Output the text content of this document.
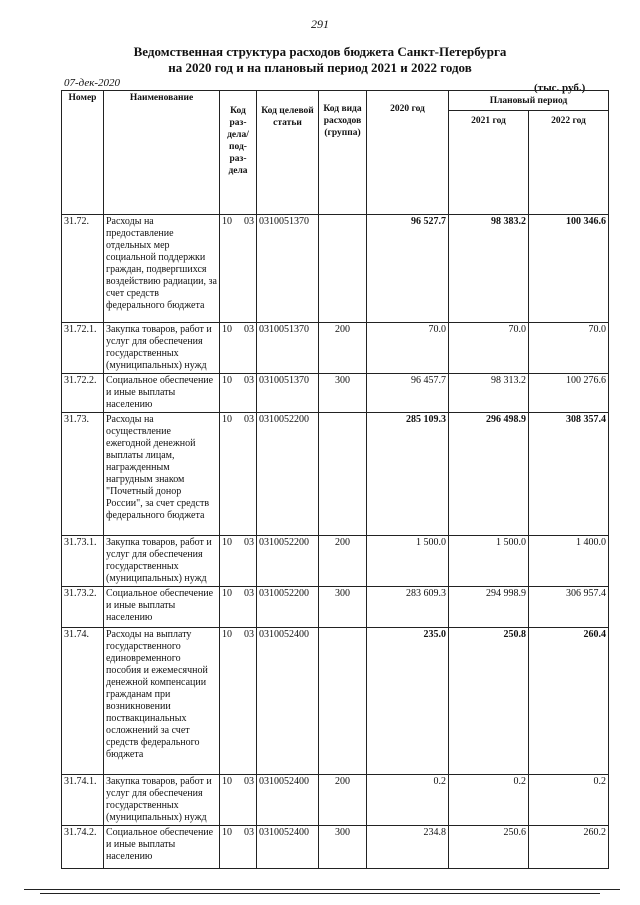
291
Ведомственная структура расходов бюджета Санкт-Петербурга
на 2020 год и на плановый период 2021 и 2022 годов
07-дек-2020	(тыс. руб.)
Номер	Наименование	Код раз- дела/ под- раз- дела	Код целевой статьи	Код вида расходов (группа)	2020 год	Плановый период	
						2021 год	2022 год
31.72.	Расходы на предоставление отдельных мер социальной поддержки граждан, подвергшихся воздействию радиации, за счет средств федерального бюджета	10 03	0310051370		96 527.7	98 383.2	100 346.6
31.72.1.	Закупка товаров, работ и услуг для обеспечения государственных (муниципальных) нужд	10 03	0310051370	200	70.0	70.0	70.0
31.72.2.	Социальное обеспечение и иные выплаты населению	10 03	0310051370	300	96 457.7	98 313.2	100 276.6
31.73.	Расходы на осуществление ежегодной денежной выплаты лицам, награжденным нагрудным знаком "Почетный донор России", за счет средств федерального бюджета	10 03	0310052200		285 109.3	296 498.9	308 357.4
31.73.1.	Закупка товаров, работ и услуг для обеспечения государственных (муниципальных) нужд	10 03	0310052200	200	1 500.0	1 500.0	1 400.0
31.73.2.	Социальное обеспечение и иные выплаты населению	10 03	0310052200	300	283 609.3	294 998.9	306 957.4
31.74.	Расходы на выплату государственного единовременного пособия и ежемесячной денежной компенсации гражданам при возникновении поствакцинальных осложнений за счет средств федерального бюджета	10 03	0310052400		235.0	250.8	260.4
31.74.1.	Закупка товаров, работ и услуг для обеспечения государственных (муниципальных) нужд	10 03	0310052400	200	0.2	0.2	0.2
31.74.2.	Социальное обеспечение и иные выплаты населению	10 03	0310052400	300	234.8	250.6	260.2
